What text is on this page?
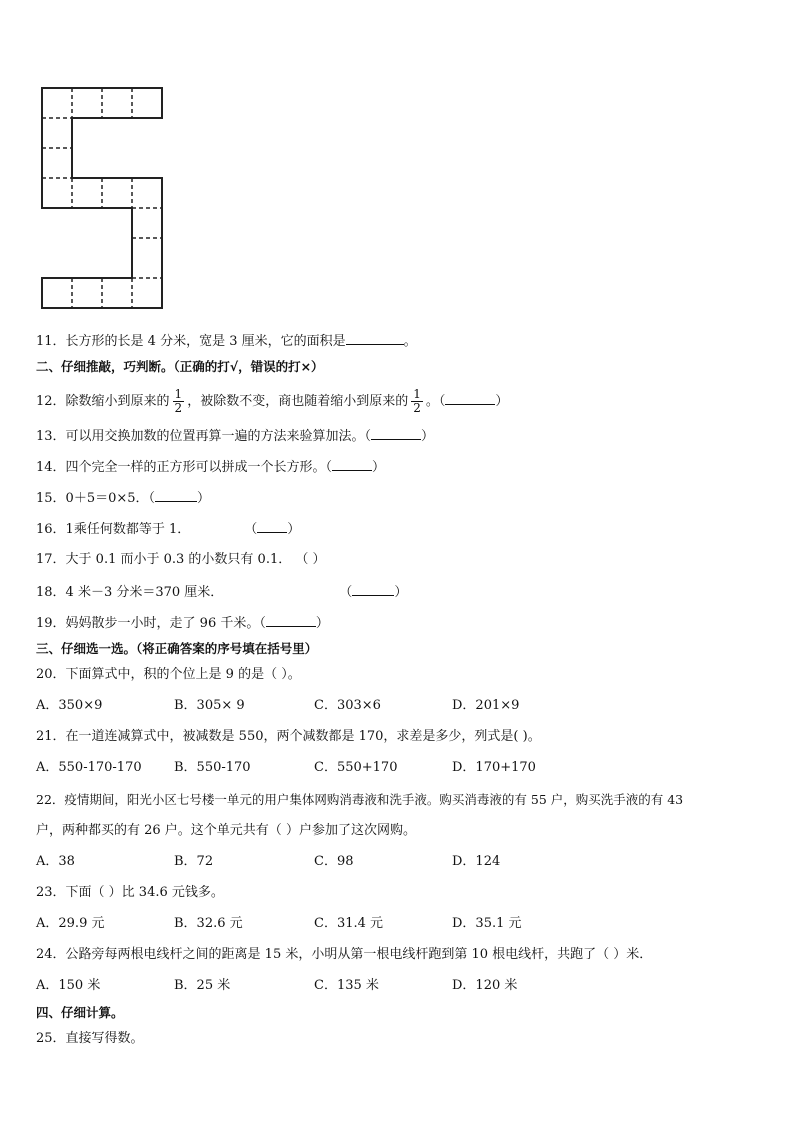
11．长方形的长是 4 分米，宽是 3 厘米，它的面积是	。
二、仔细推敲，巧判断。（正确的打√，错误的打×）
12．除数缩小到原来的 $\frac{1}{2}$ ，被除数不变，商也随着缩小到原来的 $\frac{1}{2}$ 。（	）
13．可以用交换加数的位置再算一遍的方法来验算加法。（	）
14．四个完全一样的正方形可以拼成一个长方形。（	）
15．0＋5＝0×5．（	）
16．1乘任何数都等于 1．	（ ）
17．大于 0.1 而小于 0.3 的小数只有 0.1． （ ）
18．4 米－3 分米＝370 厘米．	（	）
19．妈妈散步一小时，走了 96 千米。（	）
三、仔细选一选。（将正确答案的序号填在括号里）
20．下面算式中，积的个位上是 9 的是（ ）。
A．350×9	B．305× 9	C．303×6	D．201×9
21．在一道连减算式中，被减数是 550，两个减数都是 170，求差是多少，列式是( )。
A．550-170-170 B．550-170	C．550+170	D．170+170
22．疫情期间，阳光小区七号楼一单元的用户集体网购消毒液和洗手液。购买消毒液的有 55 户，购买洗手液的有 43
户，两种都买的有 26 户。这个单元共有（ ）户参加了这次网购。
A．38	B．72	C．98	D．124
23．下面（ ）比 34.6 元钱多。
A．29.9 元	B．32.6 元	C．31.4 元	D．35.1 元
24．公路旁每两根电线杆之间的距离是 15 米，小明从第一根电线杆跑到第 10 根电线杆，共跑了（ ）米．
A．150 米	B．25 米	C．135 米	D．120 米
四、仔细计算。
25．直接写得数。
